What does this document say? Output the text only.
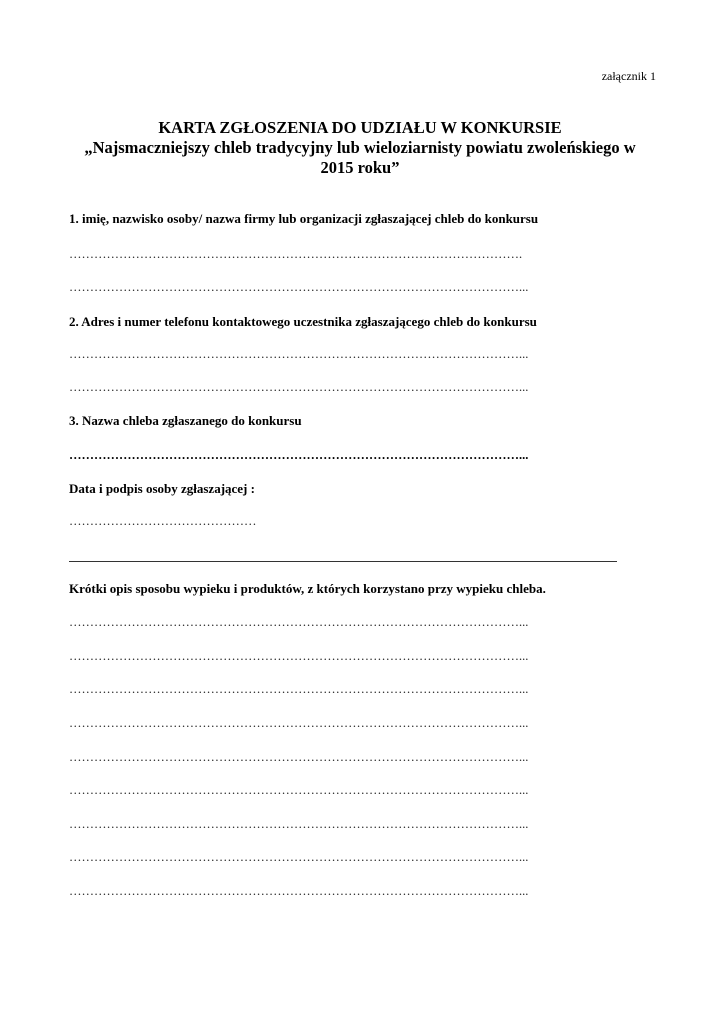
załącznik 1
KARTA ZGŁOSZENIA DO UDZIAŁU W KONKURSIE
„Najsmaczniejszy chleb tradycyjny lub wieloziarnisty powiatu zwoleńskiego w
2015 roku”
1. imię, nazwisko osoby/ nazwa firmy lub organizacji zgłaszającej chleb do konkursu
……………………………………………………………………………………………….
………………………………………………………………………………………………...
2. Adres i numer telefonu kontaktowego uczestnika zgłaszającego chleb do konkursu
………………………………………………………………………………………………...
………………………………………………………………………………………………...
3. Nazwa chleba zgłaszanego do konkursu
………………………………………………………………………………………………...
Data i podpis osoby zgłaszającej :
………………………………………
Krótki opis sposobu wypieku i produktów, z których korzystano przy wypieku chleba.
………………………………………………………………………………………………...
………………………………………………………………………………………………...
………………………………………………………………………………………………...
………………………………………………………………………………………………...
………………………………………………………………………………………………...
………………………………………………………………………………………………...
………………………………………………………………………………………………...
………………………………………………………………………………………………...
………………………………………………………………………………………………...
